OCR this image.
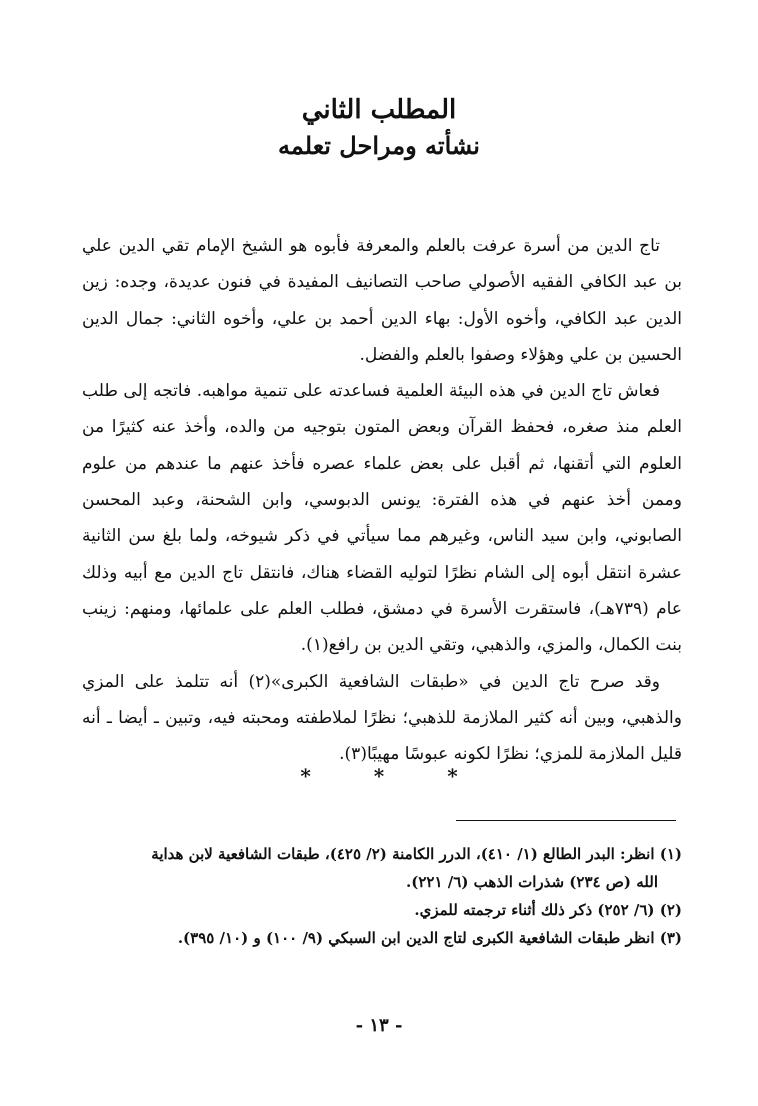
المطلب الثاني
نشأته ومراحل تعلمه

تاج الدين من أسرة عرفت بالعلم والمعرفة فأبوه هو الشيخ الإمام تقي الدين علي بن عبد الكافي الفقيه الأصولي صاحب التصانيف المفيدة في فنون عديدة، وجده: زين الدين عبد الكافي، وأخوه الأول: بهاء الدين أحمد بن علي، وأخوه الثاني: جمال الدين الحسين بن علي وهؤلاء وصفوا بالعلم والفضل.

فعاش تاج الدين في هذه البيئة العلمية فساعدته على تنمية مواهبه. فاتجه إلى طلب العلم منذ صغره، فحفظ القرآن وبعض المتون بتوجيه من والده، وأخذ عنه كثيرًا من العلوم التي أتقنها، ثم أقبل على بعض علماء عصره فأخذ عنهم ما عندهم من علوم وممن أخذ عنهم في هذه الفترة: يونس الدبوسي، وابن الشحنة، وعبد المحسن الصابوني، وابن سيد الناس، وغيرهم مما سيأتي في ذكر شيوخه، ولما بلغ سن الثانية عشرة انتقل أبوه إلى الشام نظرًا لتوليه القضاء هناك، فانتقل تاج الدين مع أبيه وذلك عام (٧٣٩هـ)، فاستقرت الأسرة في دمشق، فطلب العلم على علمائها، ومنهم: زينب بنت الكمال، والمزي، والذهبي، وتقي الدين بن رافع(١).

وقد صرح تاج الدين في «طبقات الشافعية الكبرى»(٢) أنه تتلمذ على المزي والذهبي، وبين أنه كثير الملازمة للذهبي؛ نظرًا لملاطفته ومحبته فيه، وتبين ـ أيضا ـ أنه قليل الملازمة للمزي؛ نظرًا لكونه عبوسًا مهيبًا(٣).

* * *
(١) انظر: البدر الطالع (١/ ٤١٠)، الدرر الكامنة (٢/ ٤٢٥)، طبقات الشافعية لابن هداية
الله (ص ٢٣٤) شذرات الذهب (٦/ ٢٢١).
(٢) (٦/ ٢٥٢) ذكر ذلك أثناء ترجمته للمزي.
(٣) انظر طبقات الشافعية الكبرى لتاج الدين ابن السبكي (٩/ ١٠٠) و (١٠/ ٣٩٥).
- ١٣ -
